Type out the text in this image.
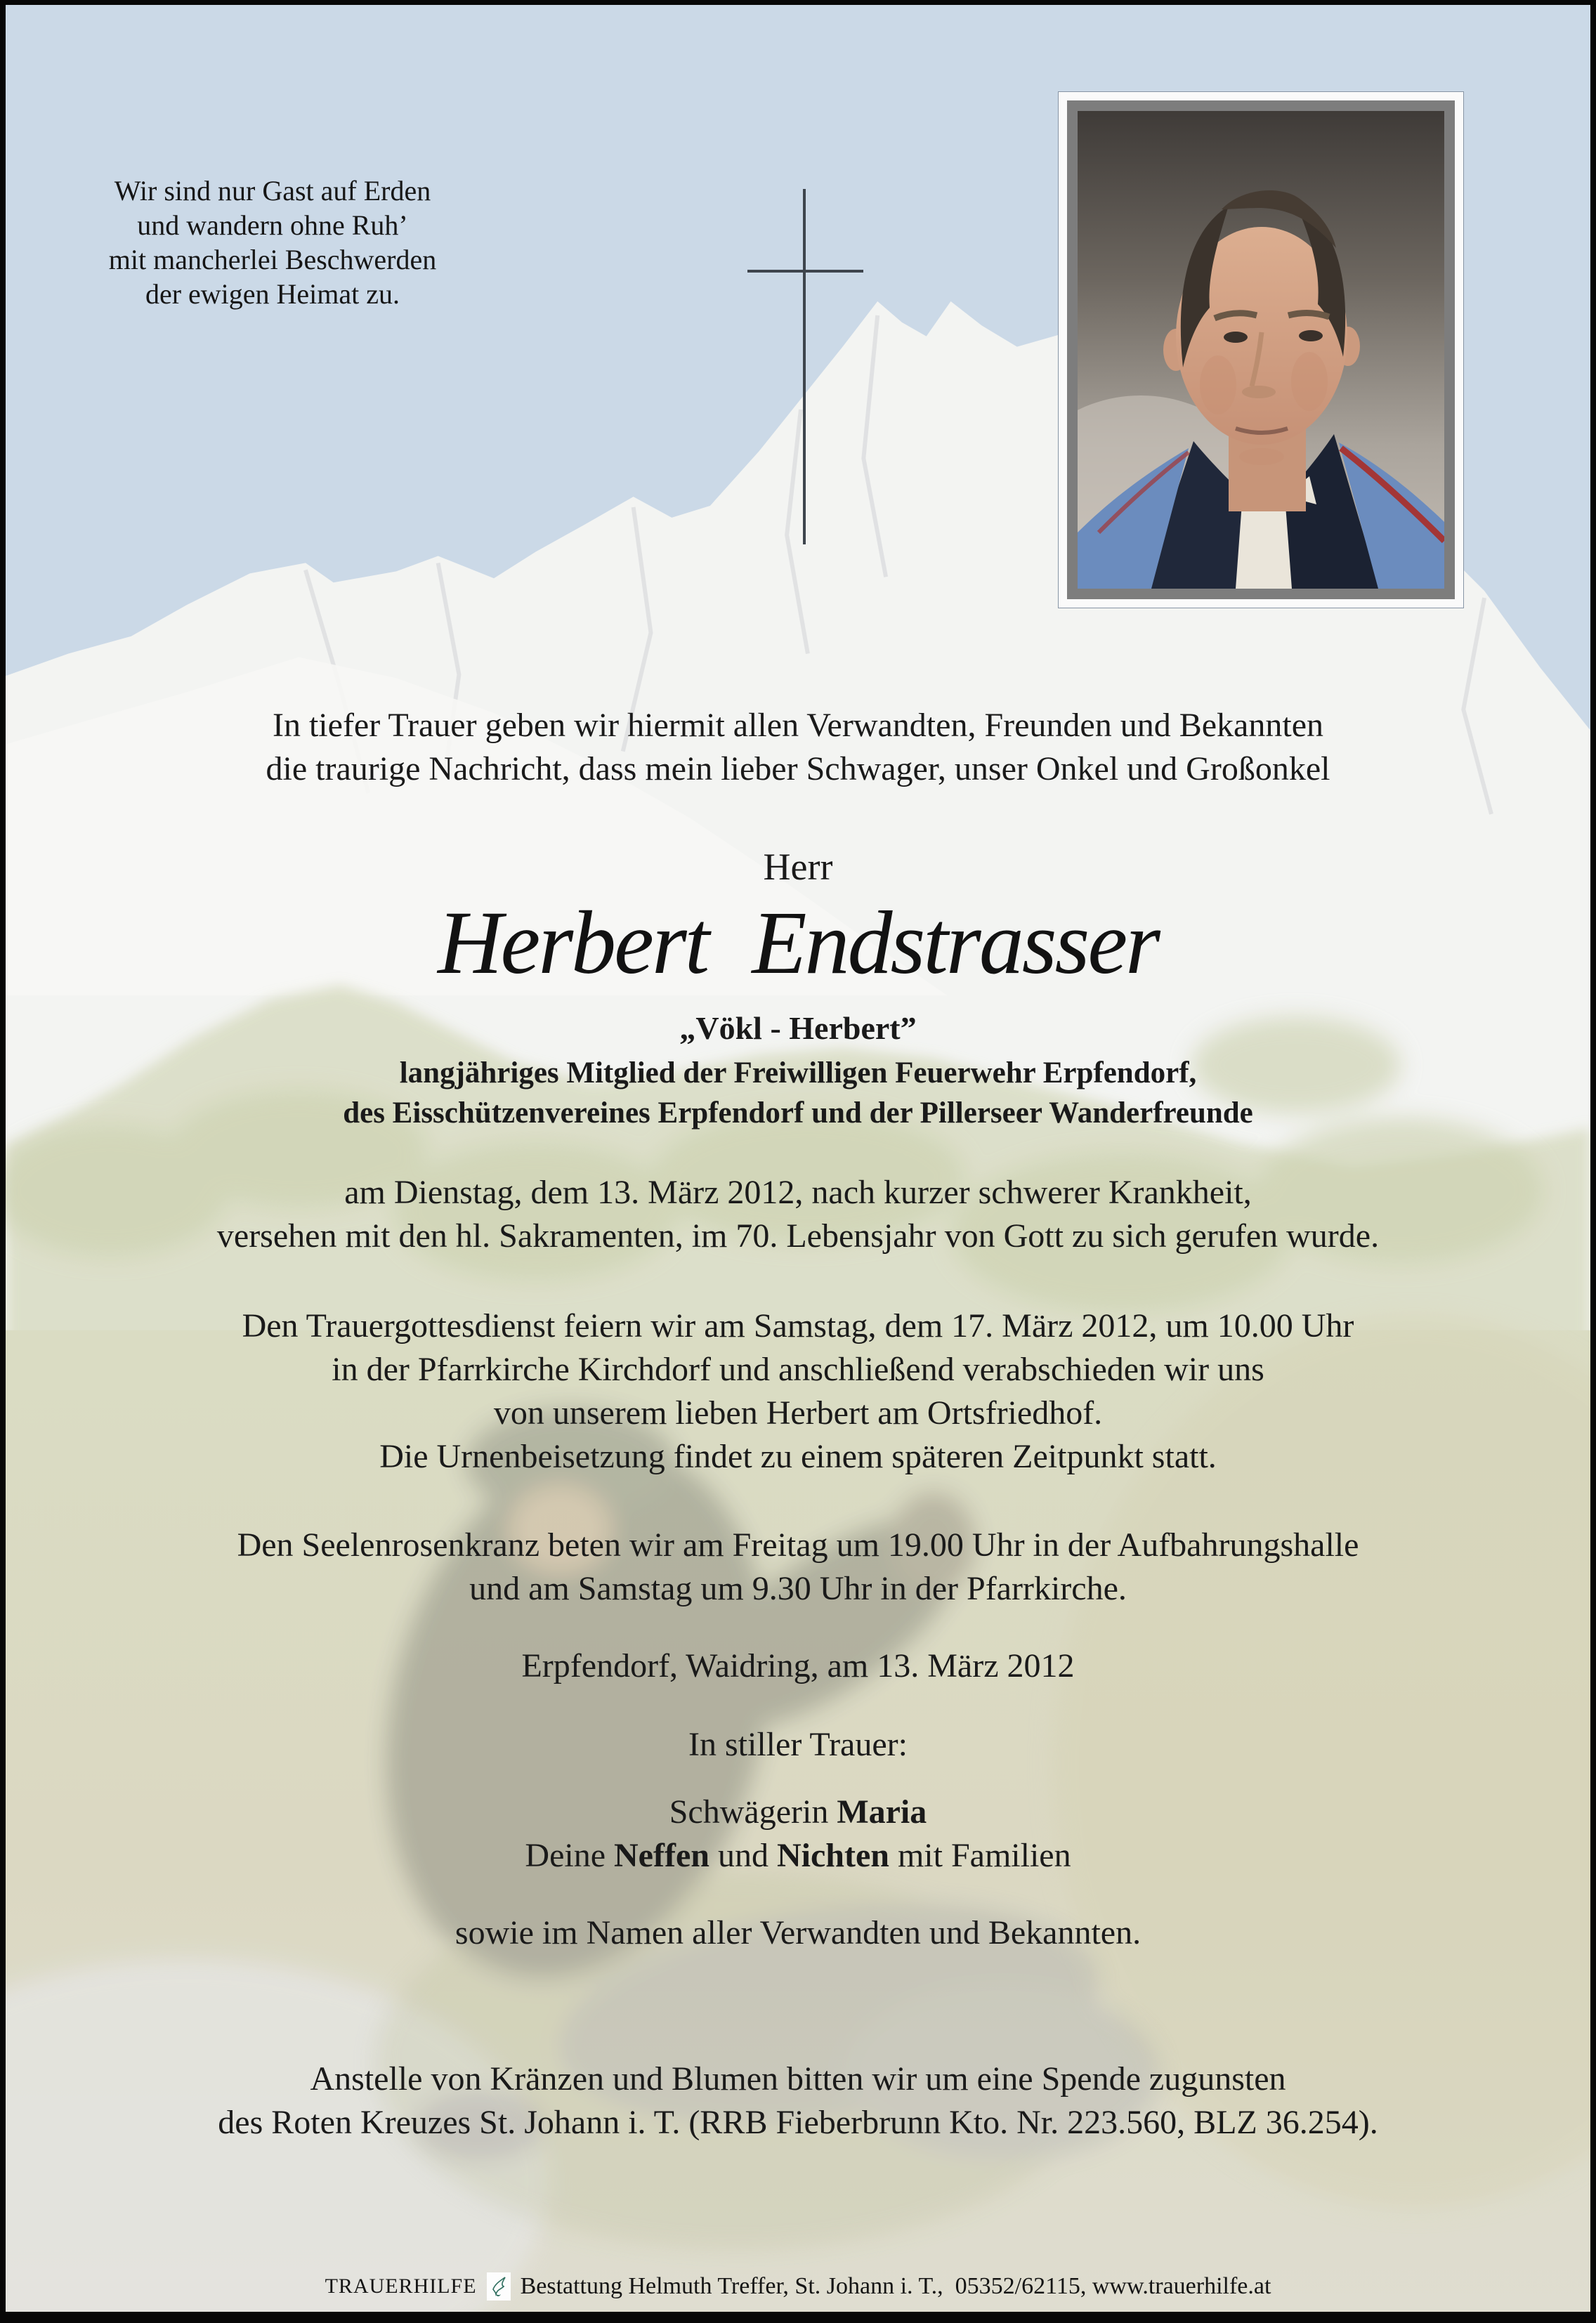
Wir sind nur Gast auf Erden
und wandern ohne Ruh’
mit mancherlei Beschwerden
der ewigen Heimat zu.
In tiefer Trauer geben wir hiermit allen Verwandten, Freunden und Bekannten
die traurige Nachricht, dass mein lieber Schwager, unser Onkel und Großonkel
Herr
Herbert Endstrasser
„Vökl - Herbert”
langjähriges Mitglied der Freiwilligen Feuerwehr Erpfendorf,
des Eisschützenvereines Erpfendorf und der Pillerseer Wanderfreunde
am Dienstag, dem 13. März 2012, nach kurzer schwerer Krankheit,
versehen mit den hl. Sakramenten, im 70. Lebensjahr von Gott zu sich gerufen wurde.
Den Trauergottesdienst feiern wir am Samstag, dem 17. März 2012, um 10.00 Uhr
in der Pfarrkirche Kirchdorf und anschließend verabschieden wir uns
von unserem lieben Herbert am Ortsfriedhof.
Die Urnenbeisetzung findet zu einem späteren Zeitpunkt statt.
Den Seelenrosenkranz beten wir am Freitag um 19.00 Uhr in der Aufbahrungshalle
und am Samstag um 9.30 Uhr in der Pfarrkirche.
Erpfendorf, Waidring, am 13. März 2012
In stiller Trauer:
Schwägerin Maria
Deine Neffen und Nichten mit Familien
sowie im Namen aller Verwandten und Bekannten.
Anstelle von Kränzen und Blumen bitten wir um eine Spende zugunsten
des Roten Kreuzes St. Johann i. T. (RRB Fieberbrunn Kto. Nr. 223.560, BLZ 36.254).
TRAUERHILFE Bestattung Helmuth Treffer, St. Johann i. T.,  05352/62115, www.trauerhilfe.at
